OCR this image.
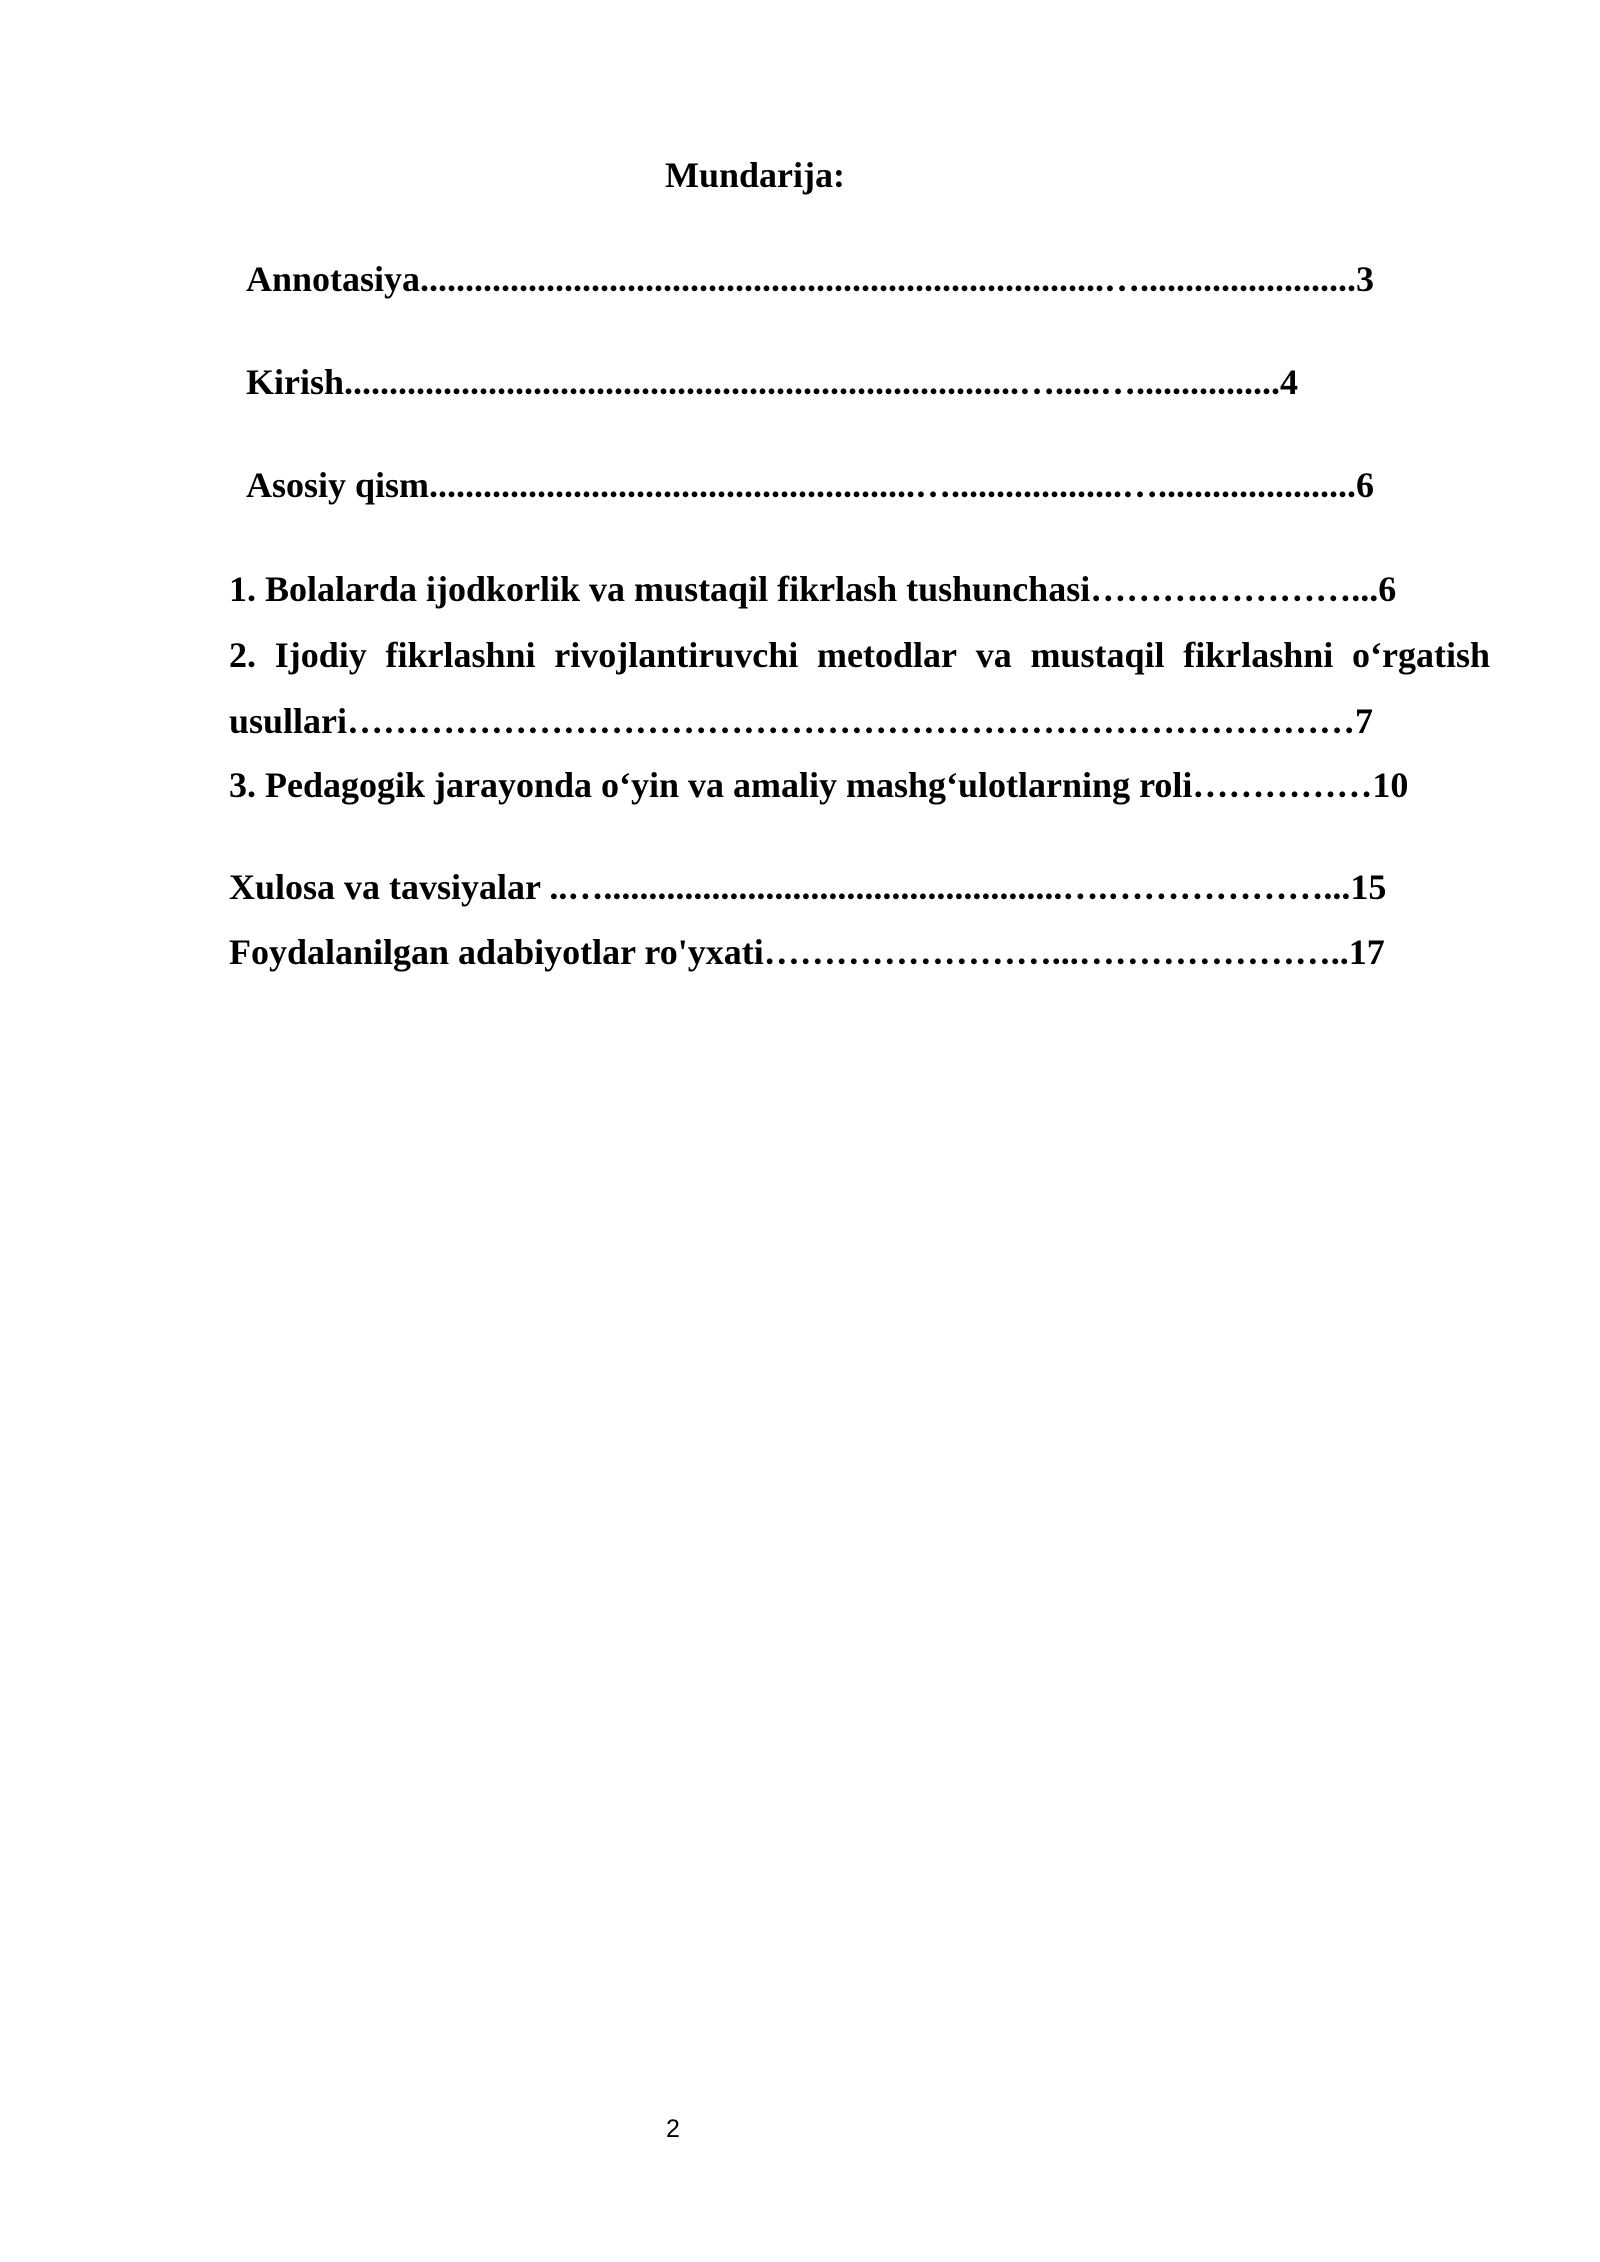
Mundarija:
Annotasiya............................................................................…........................3
Kirish...........................................................................….....…................4
Asosiy qism......................................................…...................…......................6
1. Bolalarda ijodkorlik va mustaqil fikrlash tushunchasi……….…………...6
2. Ijodiy fikrlashni rivojlantiruvchi metodlar va mustaqil fikrlashni o‘rgatish
usullari…………………………………………………………………………7
3. Pedagogik jarayonda o‘yin va amaliy mashg‘ulotlarning roli……………10
Xulosa va tavsiyalar ..…...................................................….………………...15
Foydalanilgan adabiyotlar ro'yxati……………………...…………………..17
2
